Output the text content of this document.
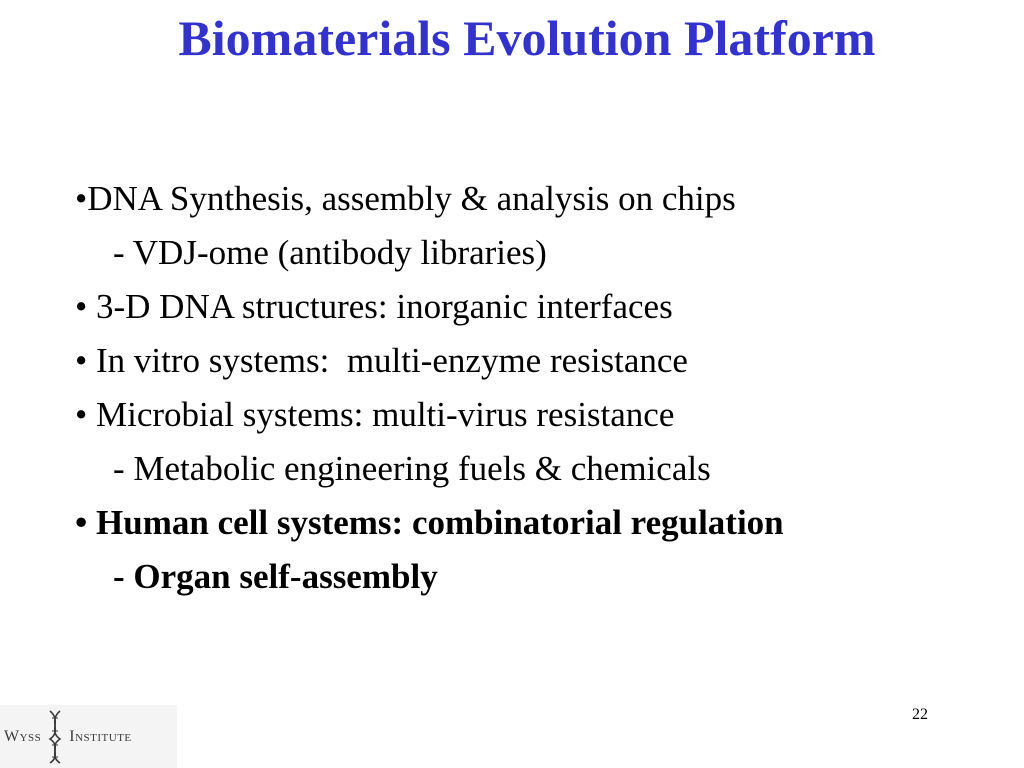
Biomaterials Evolution Platform
•DNA Synthesis, assembly & analysis on chips
- VDJ-ome (antibody libraries)
• 3-D DNA structures: inorganic interfaces
• In vitro systems:  multi-enzyme resistance
• Microbial systems: multi-virus resistance
- Metabolic engineering fuels & chemicals
• Human cell systems: combinatorial regulation
- Organ self-assembly
Wyss Institute
22
